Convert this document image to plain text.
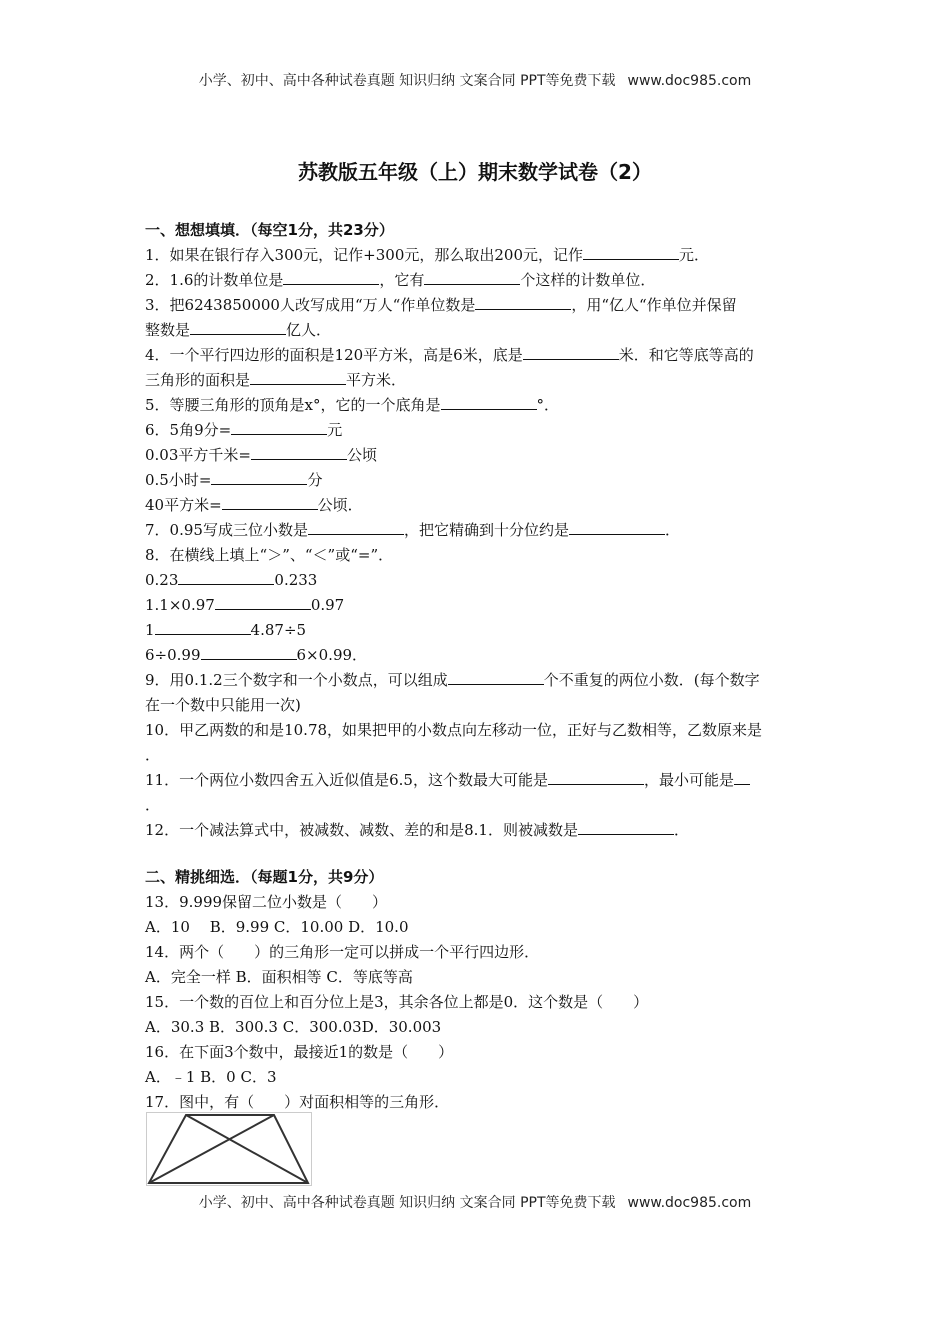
小学、初中、高中各种试卷真题 知识归纳 文案合同 PPT等免费下载 www.doc985.com
苏教版五年级（上）期末数学试卷（2）
一、想想填填．（每空1分，共23分）
1．如果在银行存入300元，记作+300元，那么取出200元，记作	元．
2．1.6的计数单位是	，它有	个这样的计数单位．
3．把6243850000人改写成用“万人“作单位数是	，用“亿人“作单位并保留
整数是	亿人．
4．一个平行四边形的面积是120平方米，高是6米，底是	米．和它等底等高的
三角形的面积是	平方米．
5．等腰三角形的顶角是x°，它的一个底角是	°．
6．5角9分=	元
0.03平方千米=	公顷
0.5小时=	分
40平方米=	公顷．
7．0.95写成三位小数是	，把它精确到十分位约是	．
8．在横线上填上“＞”、“＜”或“=”．
0.23	0.233
1.1×0.97	0.97
1	4.87÷5
6÷0.99	6×0.99．
9．用0.1.2三个数字和一个小数点，可以组成	个不重复的两位小数．(每个数字
在一个数中只能用一次)
10．甲乙两数的和是10.78，如果把甲的小数点向左移动一位，正好与乙数相等，乙数原来是
．
11．一个两位小数四舍五入近似值是6.5，这个数最大可能是	，最小可能是
．
12．一个减法算式中，被减数、减数、差的和是8.1．则被减数是	．
二、精挑细选．（每题1分，共9分）
13．9.999保留二位小数是（　　）
A．10　 B．9.99 C．10.00 D．10.0
14．两个（　　）的三角形一定可以拼成一个平行四边形．
A．完全一样 B．面积相等 C．等底等高
15．一个数的百位上和百分位上是3，其余各位上都是0．这个数是（　　）
A．30.3 B．300.3 C．300.03D．30.003
16．在下面3个数中，最接近1的数是（　　）
A．﹣1 B．0 C．3
17．图中，有（　　）对面积相等的三角形．
小学、初中、高中各种试卷真题 知识归纳 文案合同 PPT等免费下载 www.doc985.com
